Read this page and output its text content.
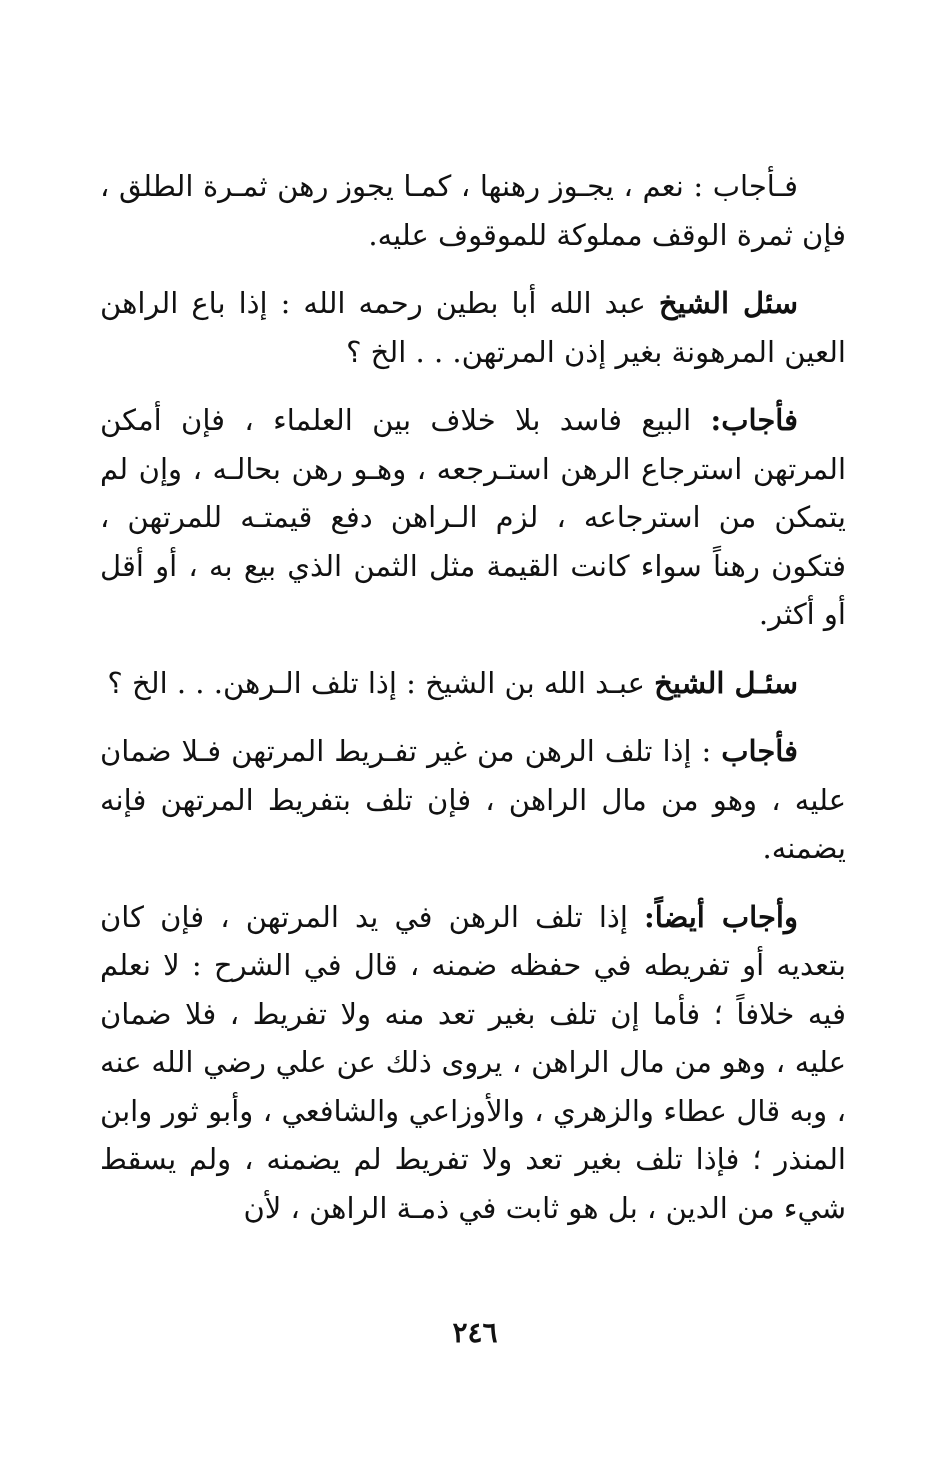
فـأجاب : نعم ، يجـوز رهنها ، كمـا يجوز رهن ثمـرة الطلق ، فإن ثمرة الوقف مملوكة للموقوف عليه.

سئل الشيخ عبد الله أبا بطين رحمه الله : إذا باع الراهن العين المرهونة بغير إذن المرتهن. . . الخ ؟

فأجاب: البيع فاسد بلا خلاف بين العلماء ، فإن أمكن المرتهن استرجاع الرهن استـرجعه ، وهـو رهن بحالـه ، وإن لم يتمكن من استرجاعه ، لزم الـراهن دفع قيمتـه للمرتهن ، فتكون رهناً سواء كانت القيمة مثل الثمن الذي بيع به ، أو أقل أو أكثر.

سئـل الشيخ عبـد الله بن الشيخ : إذا تلف الـرهن. . . الخ ؟

فأجاب : إذا تلف الرهن من غير تفـريط المرتهن فـلا ضمان عليه ، وهو من مال الراهن ، فإن تلف بتفريط المرتهن فإنه يضمنه.

وأجاب أيضاً: إذا تلف الرهن في يد المرتهن ، فإن كان بتعديه أو تفريطه في حفظه ضمنه ، قال في الشرح : لا نعلم فيه خلافاً ؛ فأما إن تلف بغير تعد منه ولا تفريط ، فلا ضمان عليه ، وهو من مال الراهن ، يروى ذلك عن علي رضي الله عنه ، وبه قال عطاء والزهري ، والأوزاعي والشافعي ، وأبو ثور وابن المنذر ؛ فإذا تلف بغير تعد ولا تفريط لم يضمنه ، ولم يسقط شيء من الدين ، بل هو ثابت في ذمـة الراهن ، لأن

٢٤٦
